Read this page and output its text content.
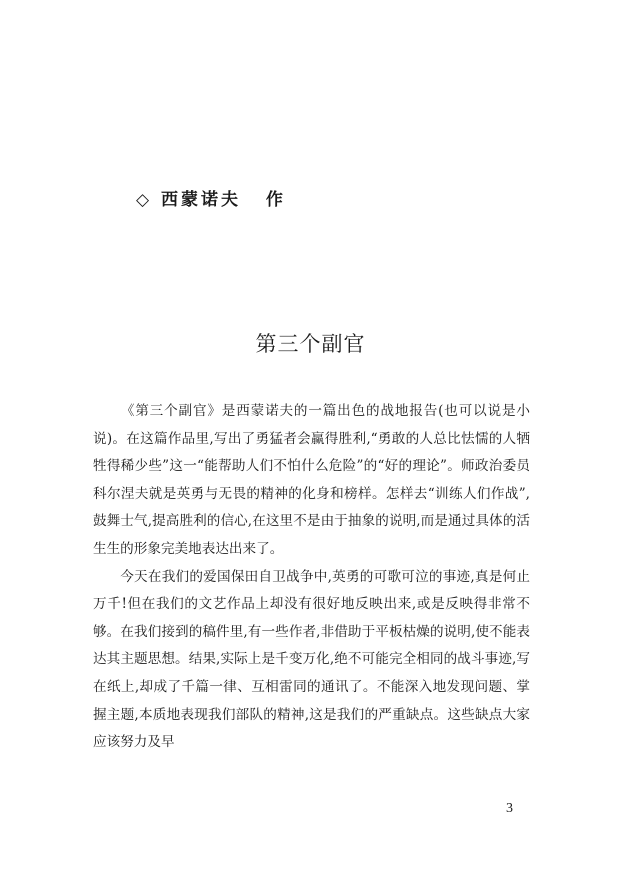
◇ 西蒙诺夫 作
第三个副官

《第三个副官》是西蒙诺夫的一篇出色的战地报告(也可以说是小说)。在这篇作品里,写出了勇猛者会赢得胜利,“勇敢的人总比怯懦的人牺牲得稀少些”这一“能帮助人们不怕什么危险”的“好的理论”。师政治委员科尔涅夫就是英勇与无畏的精神的化身和榜样。怎样去“训练人们作战”,鼓舞士气,提高胜利的信心,在这里不是由于抽象的说明,而是通过具体的活生生的形象完美地表达出来了。

今天在我们的爱国保田自卫战争中,英勇的可歌可泣的事迹,真是何止万千!但在我们的文艺作品上却没有很好地反映出来,或是反映得非常不够。在我们接到的稿件里,有一些作者,非借助于平板枯燥的说明,使不能表达其主题思想。结果,实际上是千变万化,绝不可能完全相同的战斗事迹,写在纸上,却成了千篇一律、互相雷同的通讯了。不能深入地发现问题、掌握主题,本质地表现我们部队的精神,这是我们的严重缺点。这些缺点大家应该努力及早

3
